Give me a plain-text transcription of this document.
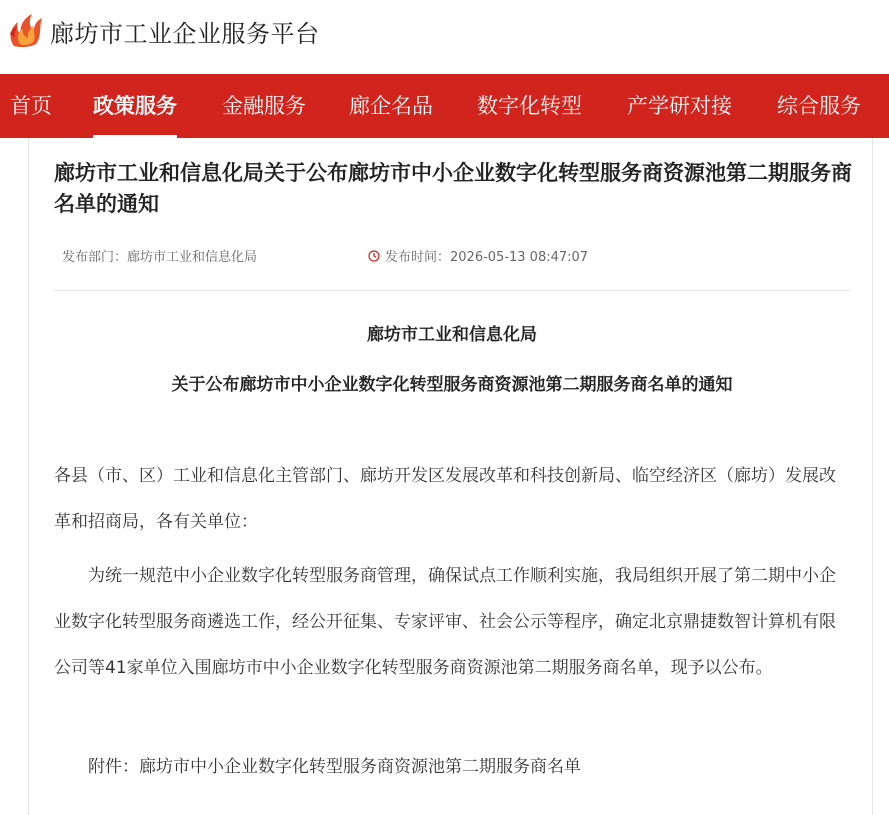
廊坊市工业企业服务平台
首页 政策服务 金融服务 廊企名品 数字化转型 产学研对接 综合服务
廊坊市工业和信息化局关于公布廊坊市中小企业数字化转型服务商资源池第二期服务商名单的通知
发布部门：廊坊市工业和信息化局	发布时间：2026-05-13 08:47:07
廊坊市工业和信息化局
关于公布廊坊市中小企业数字化转型服务商资源池第二期服务商名单的通知

各县（市、区）工业和信息化主管部门、廊坊开发区发展改革和科技创新局、临空经济区（廊坊）发展改革和招商局，各有关单位：

为统一规范中小企业数字化转型服务商管理，确保试点工作顺利实施，我局组织开展了第二期中小企业数字化转型服务商遴选工作，经公开征集、专家评审、社会公示等程序，确定北京鼎捷数智计算机有限公司等41家单位入围廊坊市中小企业数字化转型服务商资源池第二期服务商名单，现予以公布。

附件：廊坊市中小企业数字化转型服务商资源池第二期服务商名单
